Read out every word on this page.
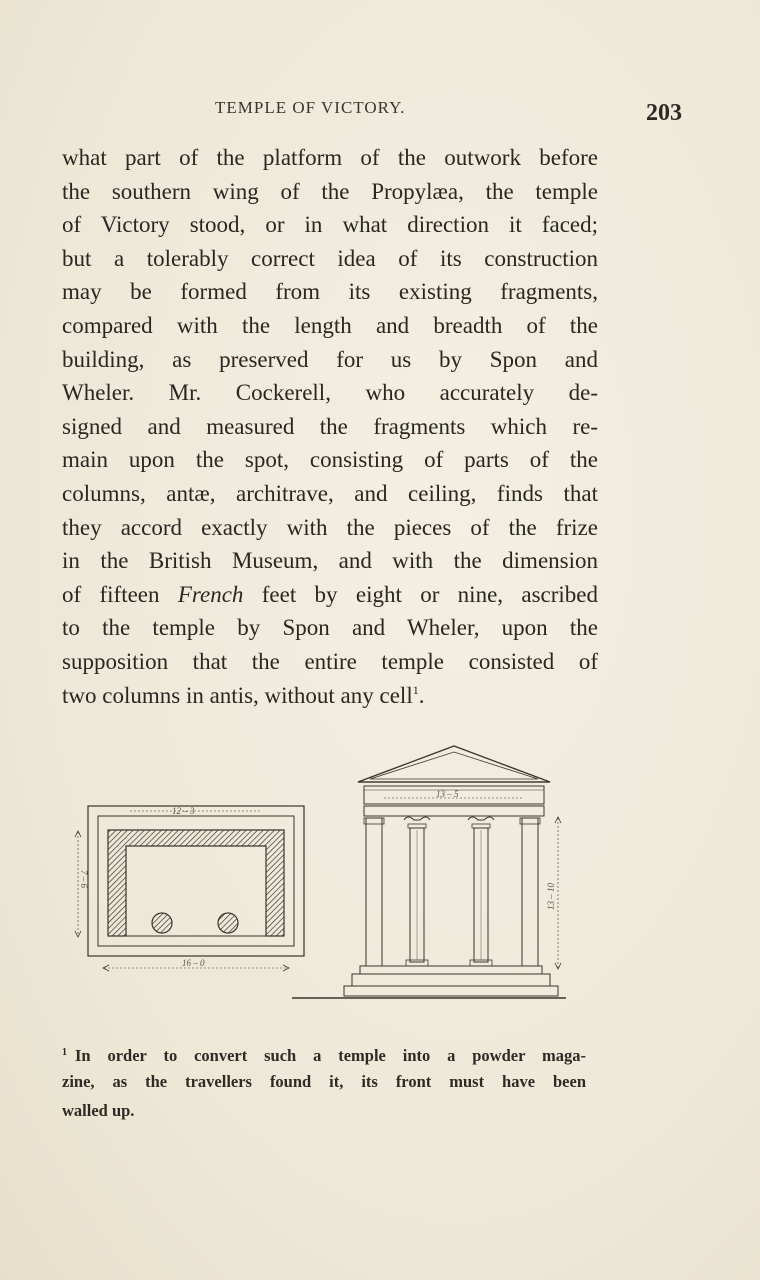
TEMPLE OF VICTORY.	203
what part of the platform of the outwork before
the southern wing of the Propylæa, the temple
of Victory stood, or in what direction it faced;
but a tolerably correct idea of its construction
may be formed from its existing fragments,
compared with the length and breadth of the
building, as preserved for us by Spon and
Wheler. Mr. Cockerell, who accurately de-
signed and measured the fragments which re-
main upon the spot, consisting of parts of the
columns, antæ, architrave, and ceiling, finds that
they accord exactly with the pieces of the frize
in the British Museum, and with the dimension
of fifteen French feet by eight or nine, ascribed
to the temple by Spon and Wheler, upon the
supposition that the entire temple consisted of
two columns in antis, without any cell$^1$.
12 – 3
16 – 0
7 – 6
13 – 5
13 – 10
$^1$ In order to convert such a temple into a powder maga-
zine, as the travellers found it, its front must have been
walled up.
